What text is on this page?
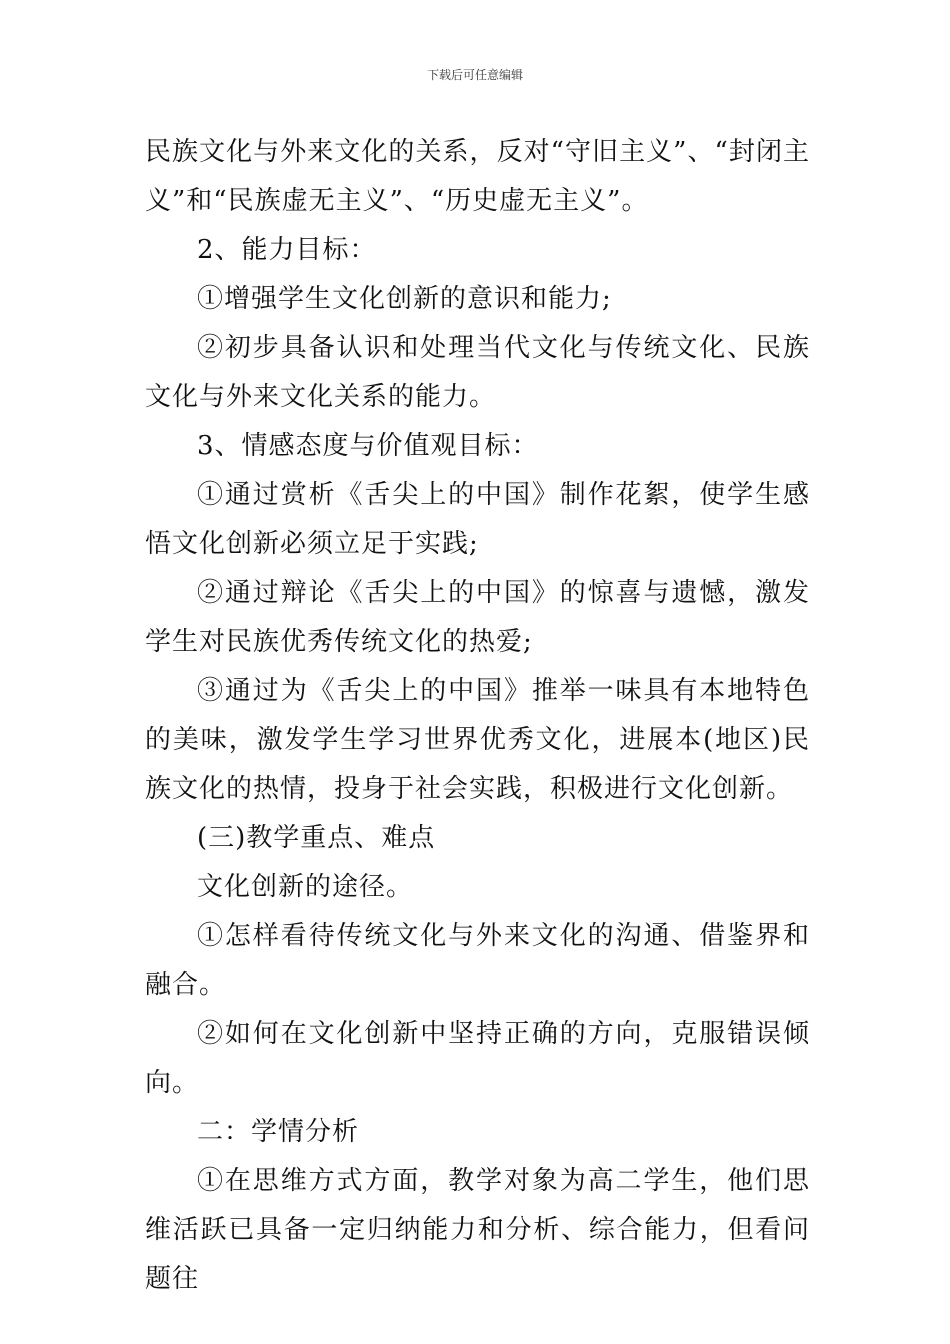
下载后可任意编辑

民族文化与外来文化的关系，反对“守旧主义”、“封闭主义”和“民族虚无主义”、“历史虚无主义”。

2、能力目标：

①增强学生文化创新的意识和能力;

②初步具备认识和处理当代文化与传统文化、民族文化与外来文化关系的能力。

3、情感态度与价值观目标：

①通过赏析《舌尖上的中国》制作花絮，使学生感悟文化创新必须立足于实践;

②通过辩论《舌尖上的中国》的惊喜与遗憾，激发学生对民族优秀传统文化的热爱;

③通过为《舌尖上的中国》推举一味具有本地特色的美味，激发学生学习世界优秀文化，进展本(地区)民族文化的热情，投身于社会实践，积极进行文化创新。

(三)教学重点、难点

文化创新的途径。

①怎样看待传统文化与外来文化的沟通、借鉴界和融合。

②如何在文化创新中坚持正确的方向，克服错误倾向。

二：学情分析

①在思维方式方面，教学对象为高二学生，他们思维活跃已具备一定归纳能力和分析、综合能力，但看问题往
